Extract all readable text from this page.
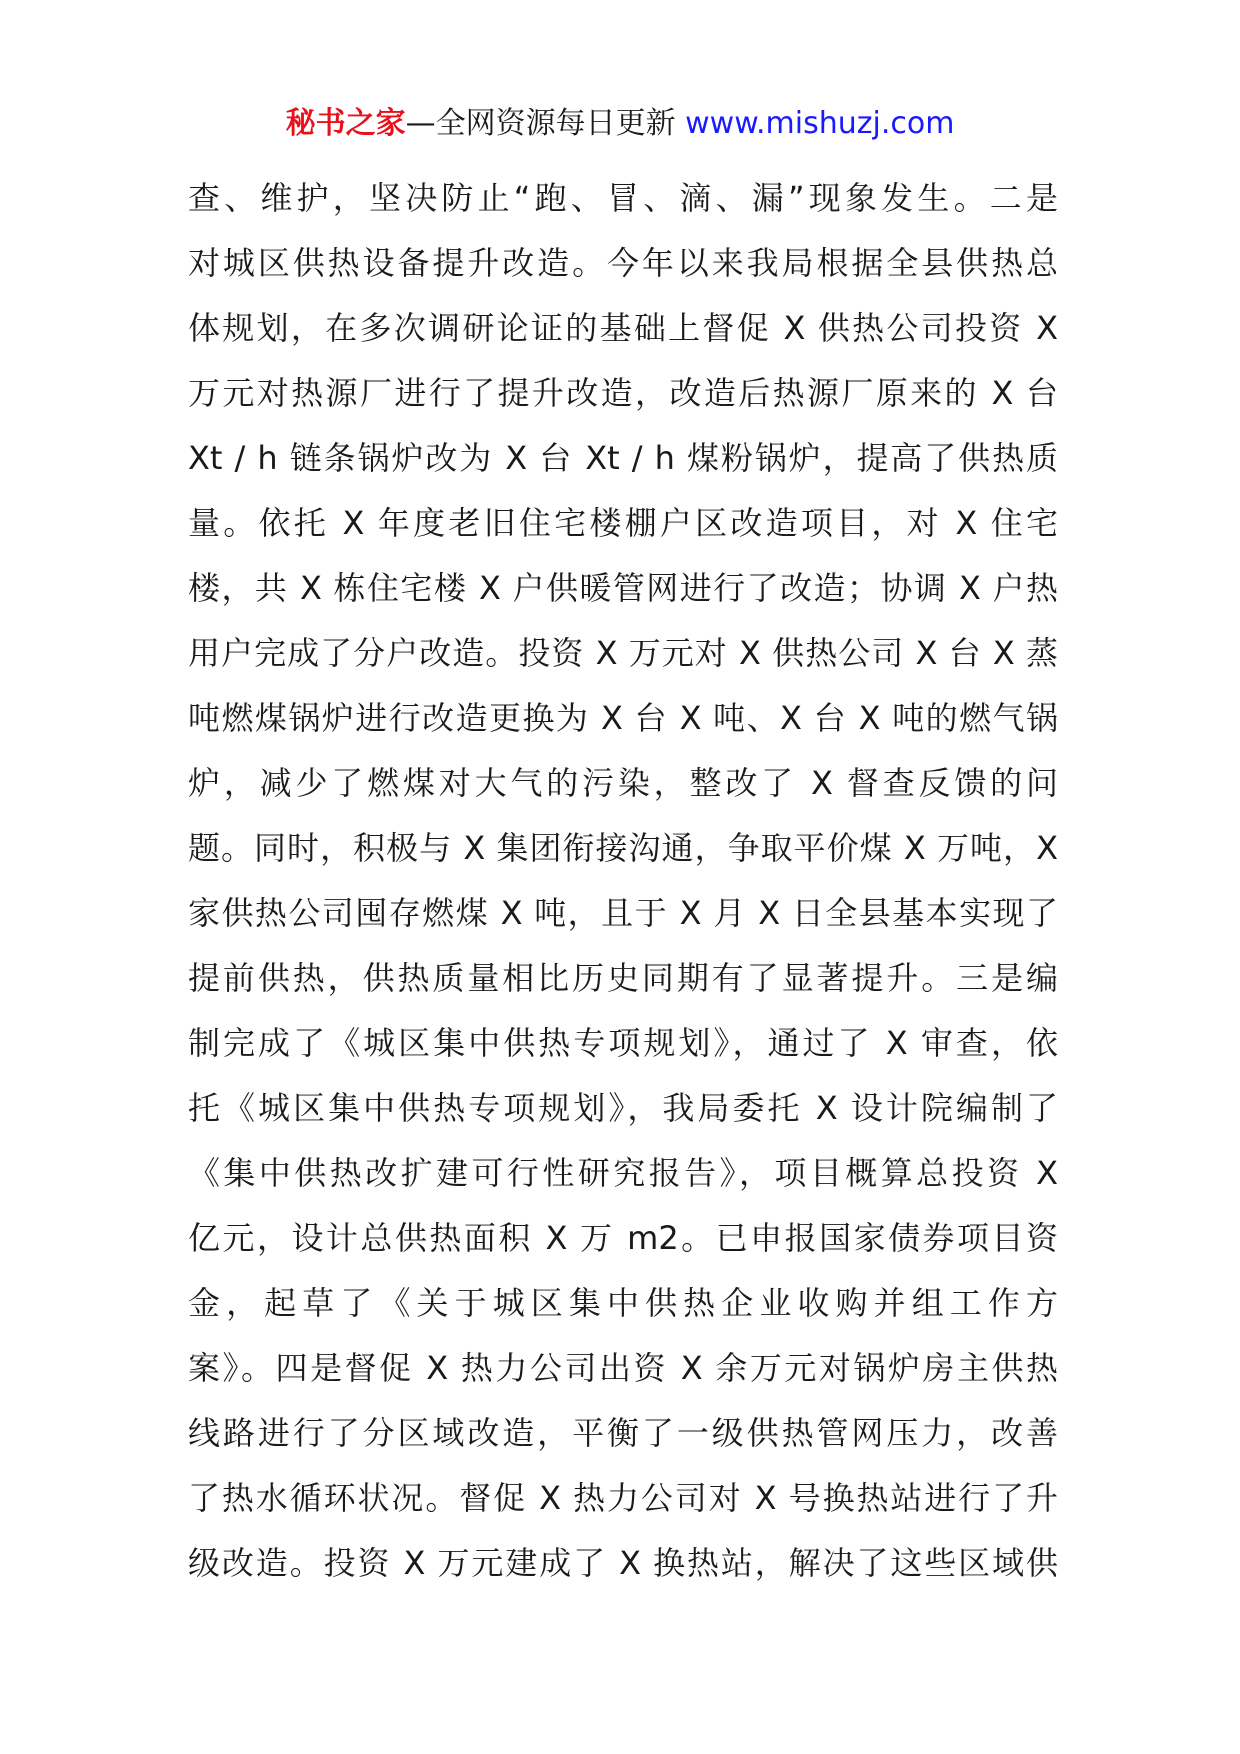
秘书之家—全网资源每日更新 www.mishuzj.com
查、维护，坚决防止“跑、冒、滴、漏”现象发生。二是
对城区供热设备提升改造。今年以来我局根据全县供热总
体规划，在多次调研论证的基础上督促 X 供热公司投资 X
万元对热源厂进行了提升改造，改造后热源厂原来的 X 台
Xt / h 链条锅炉改为 X 台 Xt / h 煤粉锅炉，提高了供热质
量。依托 X 年度老旧住宅楼棚户区改造项目，对 X 住宅
楼，共 X 栋住宅楼 X 户供暖管网进行了改造；协调 X 户热
用户完成了分户改造。投资 X 万元对 X 供热公司 X 台 X 蒸
吨燃煤锅炉进行改造更换为 X 台 X 吨、X 台 X 吨的燃气锅
炉，减少了燃煤对大气的污染，整改了 X 督查反馈的问
题。同时，积极与 X 集团衔接沟通，争取平价煤 X 万吨，X
家供热公司囤存燃煤 X 吨，且于 X 月 X 日全县基本实现了
提前供热，供热质量相比历史同期有了显著提升。三是编
制完成了《城区集中供热专项规划》，通过了 X 审查，依
托《城区集中供热专项规划》，我局委托 X 设计院编制了
《集中供热改扩建可行性研究报告》，项目概算总投资 X
亿元，设计总供热面积 X 万 m2。已申报国家债券项目资
金，起草了《关于城区集中供热企业收购并组工作方
案》。四是督促 X 热力公司出资 X 余万元对锅炉房主供热
线路进行了分区域改造，平衡了一级供热管网压力，改善
了热水循环状况。督促 X 热力公司对 X 号换热站进行了升
级改造。投资 X 万元建成了 X 换热站，解决了这些区域供
